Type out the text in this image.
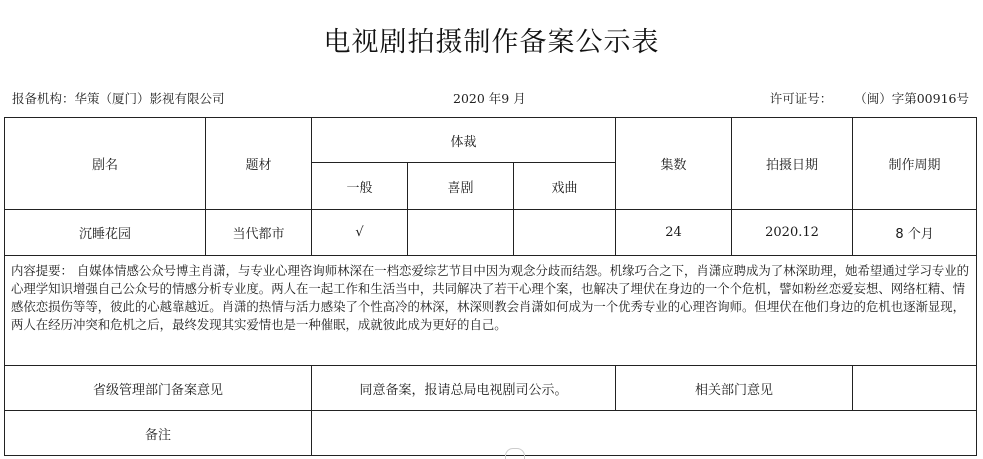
电视剧拍摄制作备案公示表
报备机构：华策（厦门）影视有限公司	2020 年9 月	许可证号： （闽）字第00916号
剧名	题材	体裁			集数	拍摄日期	制作周期
		一般	喜剧	戏曲			
沉睡花园	当代都市	√			24	2020.12	8 个月
内容提要： 自媒体情感公众号博主肖潇，与专业心理咨询师林深在一档恋爱综艺节目中因为观念分歧而结怨。机缘巧合之下，肖潇应聘成为了林深助理，她希望通过学习专业的心理学知识增强自己公众号的情感分析专业度。两人在一起工作和生活当中，共同解决了若干心理个案，也解决了埋伏在身边的一个个危机，譬如粉丝恋爱妄想、网络杠精、情感依恋损伤等等，彼此的心越靠越近。肖潇的热情与活力感染了个性高冷的林深，林深则教会肖潇如何成为一个优秀专业的心理咨询师。但埋伏在他们身边的危机也逐渐显现，两人在经历冲突和危机之后，最终发现其实爱情也是一种催眠，成就彼此成为更好的自己。							
省级管理部门备案意见		同意备案，报请总局电视剧司公示。			相关部门意见		
备注							
